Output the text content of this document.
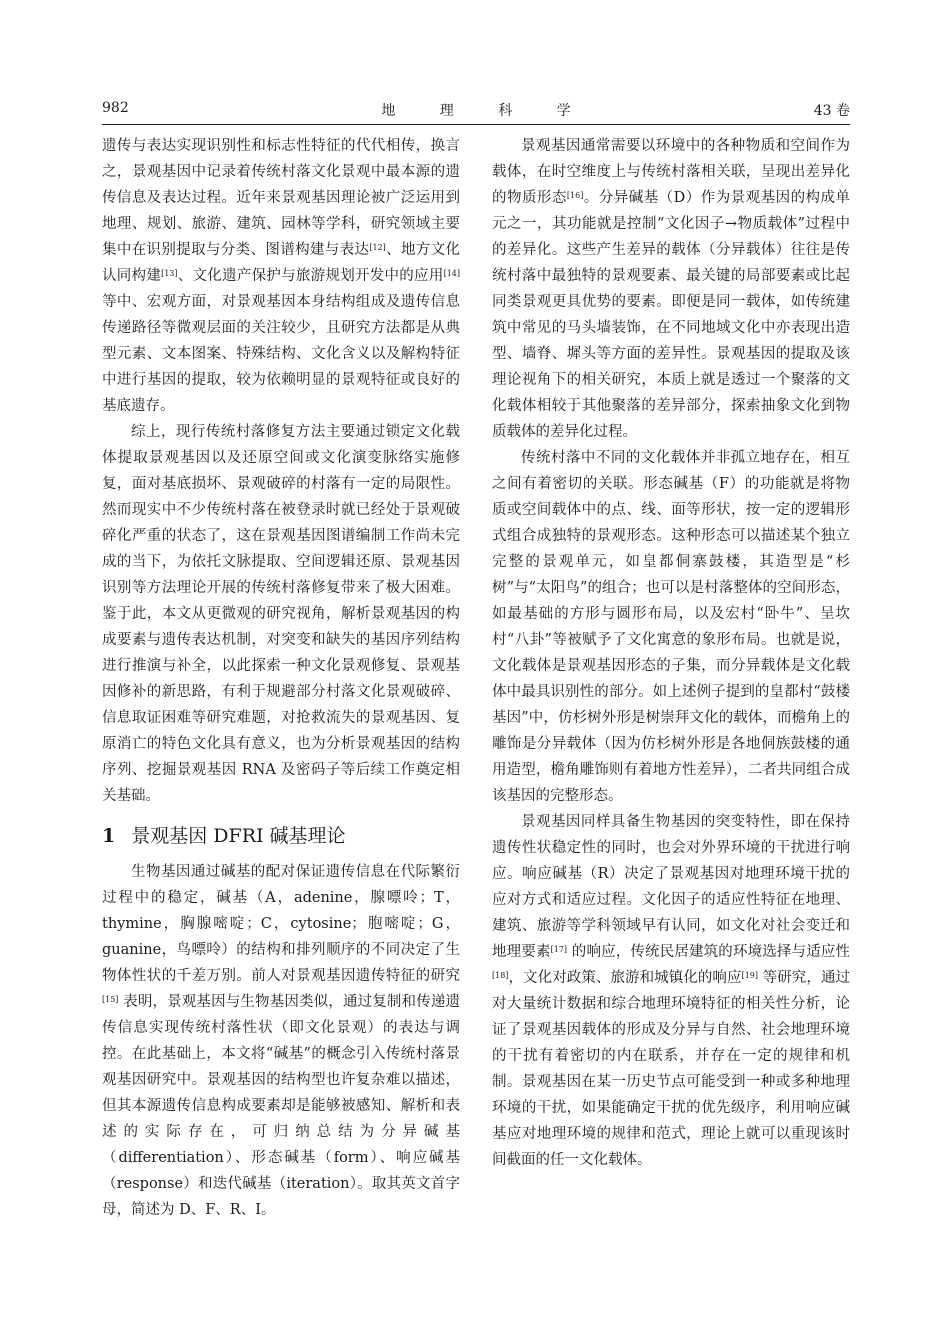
982	地 理 科 学	43 卷

遗传与表达实现识别性和标志性特征的代代相传，换言之，景观基因中记录着传统村落文化景观中最本源的遗传信息及表达过程。近年来景观基因理论被广泛运用到地理、规划、旅游、建筑、园林等学科，研究领域主要集中在识别提取与分类、图谱构建与表达[12]、地方文化认同构建[13]、文化遗产保护与旅游规划开发中的应用[14] 等中、宏观方面，对景观基因本身结构组成及遗传信息传递路径等微观层面的关注较少，且研究方法都是从典型元素、文本图案、特殊结构、文化含义以及解构特征中进行基因的提取，较为依赖明显的景观特征或良好的基底遗存。

综上，现行传统村落修复方法主要通过锁定文化载体提取景观基因以及还原空间或文化演变脉络实施修复，面对基底损坏、景观破碎的村落有一定的局限性。然而现实中不少传统村落在被登录时就已经处于景观破碎化严重的状态了，这在景观基因图谱编制工作尚未完成的当下，为依托文脉提取、空间逻辑还原、景观基因识别等方法理论开展的传统村落修复带来了极大困难。鉴于此，本文从更微观的研究视角，解析景观基因的构成要素与遗传表达机制，对突变和缺失的基因序列结构进行推演与补全，以此探索一种文化景观修复、景观基因修补的新思路，有利于规避部分村落文化景观破碎、信息取证困难等研究难题，对抢救流失的景观基因、复原消亡的特色文化具有意义，也为分析景观基因的结构序列、挖掘景观基因 RNA 及密码子等后续工作奠定相关基础。

1 景观基因 DFRI 碱基理论

生物基因通过碱基的配对保证遗传信息在代际繁衍过程中的稳定，碱基（A，adenine，腺嘌呤；T，thymine，胸腺嘧啶；C，cytosine；胞嘧啶；G，guanine，鸟嘌呤）的结构和排列顺序的不同决定了生物体性状的千差万别。前人对景观基因遗传特征的研究[15] 表明，景观基因与生物基因类似，通过复制和传递遗传信息实现传统村落性状（即文化景观）的表达与调控。在此基础上，本文将“碱基”的概念引入传统村落景观基因研究中。景观基因的结构型也许复杂难以描述，但其本源遗传信息构成要素却是能够被感知、解析和表述的实际存在，可归纳总结为分异碱基（differentiation）、形态碱基（form）、响应碱基（response）和迭代碱基（iteration）。取其英文首字母，简述为 D、F、R、I。

景观基因通常需要以环境中的各种物质和空间作为载体，在时空维度上与传统村落相关联，呈现出差异化的物质形态[16]。分异碱基（D）作为景观基因的构成单元之一，其功能就是控制“文化因子→物质载体”过程中的差异化。这些产生差异的载体（分异载体）往往是传统村落中最独特的景观要素、最关键的局部要素或比起同类景观更具优势的要素。即便是同一载体，如传统建筑中常见的马头墙装饰，在不同地域文化中亦表现出造型、墙脊、墀头等方面的差异性。景观基因的提取及该理论视角下的相关研究，本质上就是透过一个聚落的文化载体相较于其他聚落的差异部分，探索抽象文化到物质载体的差异化过程。

传统村落中不同的文化载体并非孤立地存在，相互之间有着密切的关联。形态碱基（F）的功能就是将物质或空间载体中的点、线、面等形状，按一定的逻辑形式组合成独特的景观形态。这种形态可以描述某个独立完整的景观单元，如皇都侗寨鼓楼，其造型是“杉树”与“太阳鸟”的组合；也可以是村落整体的空间形态，如最基础的方形与圆形布局，以及宏村“卧牛”、呈坎村“八卦”等被赋予了文化寓意的象形布局。也就是说，文化载体是景观基因形态的子集，而分异载体是文化载体中最具识别性的部分。如上述例子提到的皇都村“鼓楼基因”中，仿杉树外形是树崇拜文化的载体，而檐角上的雕饰是分异载体（因为仿杉树外形是各地侗族鼓楼的通用造型，檐角雕饰则有着地方性差异），二者共同组合成该基因的完整形态。

景观基因同样具备生物基因的突变特性，即在保持遗传性状稳定性的同时，也会对外界环境的干扰进行响应。响应碱基（R）决定了景观基因对地理环境干扰的应对方式和适应过程。文化因子的适应性特征在地理、建筑、旅游等学科领域早有认同，如文化对社会变迁和地理要素[17] 的响应，传统民居建筑的环境选择与适应性[18]，文化对政策、旅游和城镇化的响应[19] 等研究，通过对大量统计数据和综合地理环境特征的相关性分析，论证了景观基因载体的形成及分异与自然、社会地理环境的干扰有着密切的内在联系，并存在一定的规律和机制。景观基因在某一历史节点可能受到一种或多种地理环境的干扰，如果能确定干扰的优先级序，利用响应碱基应对地理环境的规律和范式，理论上就可以重现该时间截面的任一文化载体。
